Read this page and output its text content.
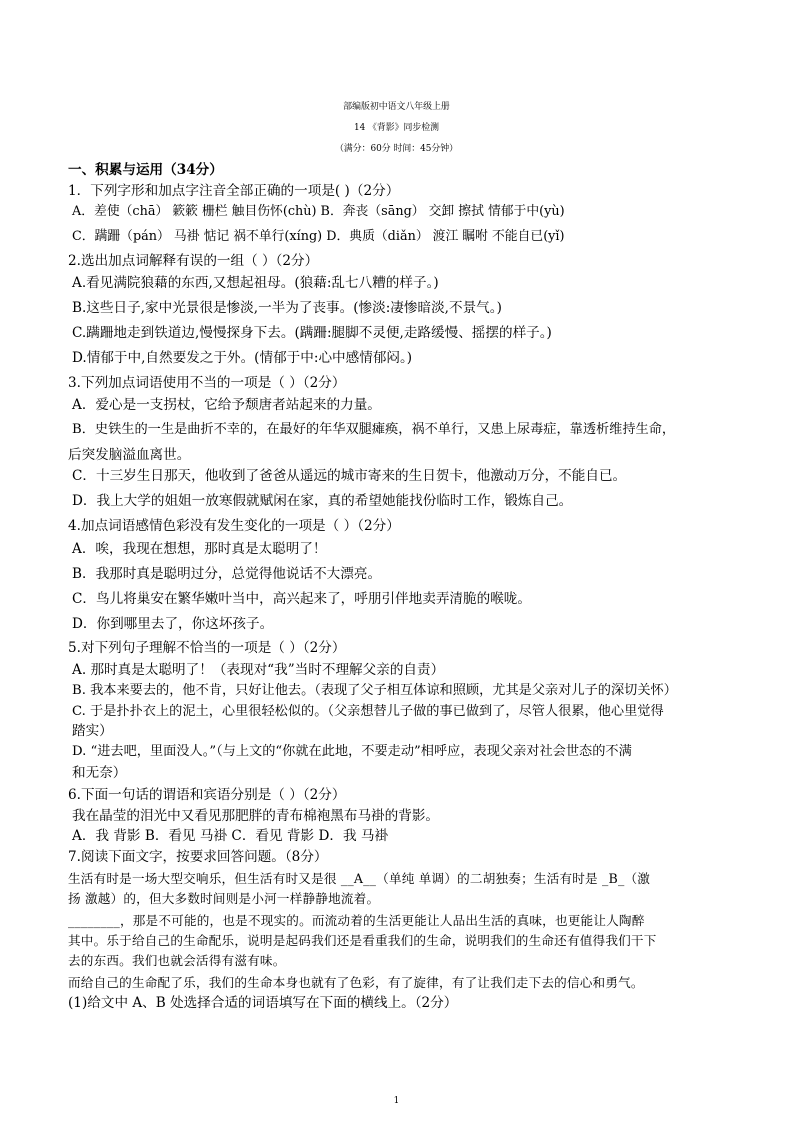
部编版初中语文八年级上册
14 《背影》同步检测
（满分：60分 时间：45分钟）
一、积累与运用（34分）
1．下列字形和加点字注音全部正确的一项是( )（2分）
A．差使（chā） 簌簌 栅栏 触目伤怀(chù) B．奔丧（sāng） 交卸 擦拭 情郁于中(yù)
C．蹒跚（pán） 马褂 惦记 祸不单行(xíng) D．典质（diǎn） 渡江 瞩咐 不能自已(yǐ)
2.选出加点词解释有误的一组（ ）（2分）
A.看见满院狼藉的东西,又想起祖母。(狼藉:乱七八糟的样子。)
B.这些日子,家中光景很是惨淡,一半为了丧事。(惨淡:凄惨暗淡,不景气。)
C.蹒跚地走到铁道边,慢慢探身下去。(蹒跚:腿脚不灵便,走路缓慢、摇摆的样子。)
D.情郁于中,自然要发之于外。(情郁于中:心中感情郁闷。)
3.下列加点词语使用不当的一项是（ ）（2分）
A．爱心是一支拐杖，它给予颓唐者站起来的力量。
B．史铁生的一生是曲折不幸的，在最好的年华双腿瘫痪，祸不单行，又患上尿毒症，靠透析维持生命，
后突发脑溢血离世。
C．十三岁生日那天，他收到了爸爸从遥远的城市寄来的生日贺卡，他激动万分，不能自已。
D．我上大学的姐姐一放寒假就赋闲在家，真的希望她能找份临时工作，锻炼自己。
4.加点词语感情色彩没有发生变化的一项是（ ）（2分）
A．唉，我现在想想，那时真是太聪明了！
B．我那时真是聪明过分，总觉得他说话不大漂亮。
C．鸟儿将巢安在繁华嫩叶当中，高兴起来了，呼朋引伴地卖弄清脆的喉咙。
D．你到哪里去了，你这坏孩子。
5.对下列句子理解不恰当的一项是（ ）（2分）
A. 那时真是太聪明了！（表现对“我”当时不理解父亲的自责）
B. 我本来要去的，他不肯，只好让他去。（表现了父子相互体谅和照顾，尤其是父亲对儿子的深切关怀）
C. 于是扑扑衣上的泥土，心里很轻松似的。（父亲想替儿子做的事已做到了，尽管人很累，他心里觉得
踏实）
D. “进去吧，里面没人。”（与上文的“你就在此地，不要走动”相呼应，表现父亲对社会世态的不满
和无奈）
6.下面一句话的谓语和宾语分别是（ ）（2分）
我在晶莹的泪光中又看见那肥胖的青布棉袍黑布马褂的背影。
A．我 背影 B．看见 马褂 C．看见 背影 D．我 马褂
7.阅读下面文字，按要求回答问题。（8分）
生活有时是一场大型交响乐，但生活有时又是很 __A__（单纯 单调）的二胡独奏；生活有时是 _B_（激
扬 激越）的，但大多数时间则是小河一样静静地流着。
________，那是不可能的，也是不现实的。而流动着的生活更能让人品出生活的真味，也更能让人陶醉
其中。乐于给自己的生命配乐，说明是起码我们还是看重我们的生命，说明我们的生命还有值得我们干下
去的东西。我们也就会活得有滋有味。
而给自己的生命配了乐，我们的生命本身也就有了色彩，有了旋律，有了让我们走下去的信心和勇气。
(1)给文中 A、B 处选择合适的词语填写在下面的横线上。（2分）
1
